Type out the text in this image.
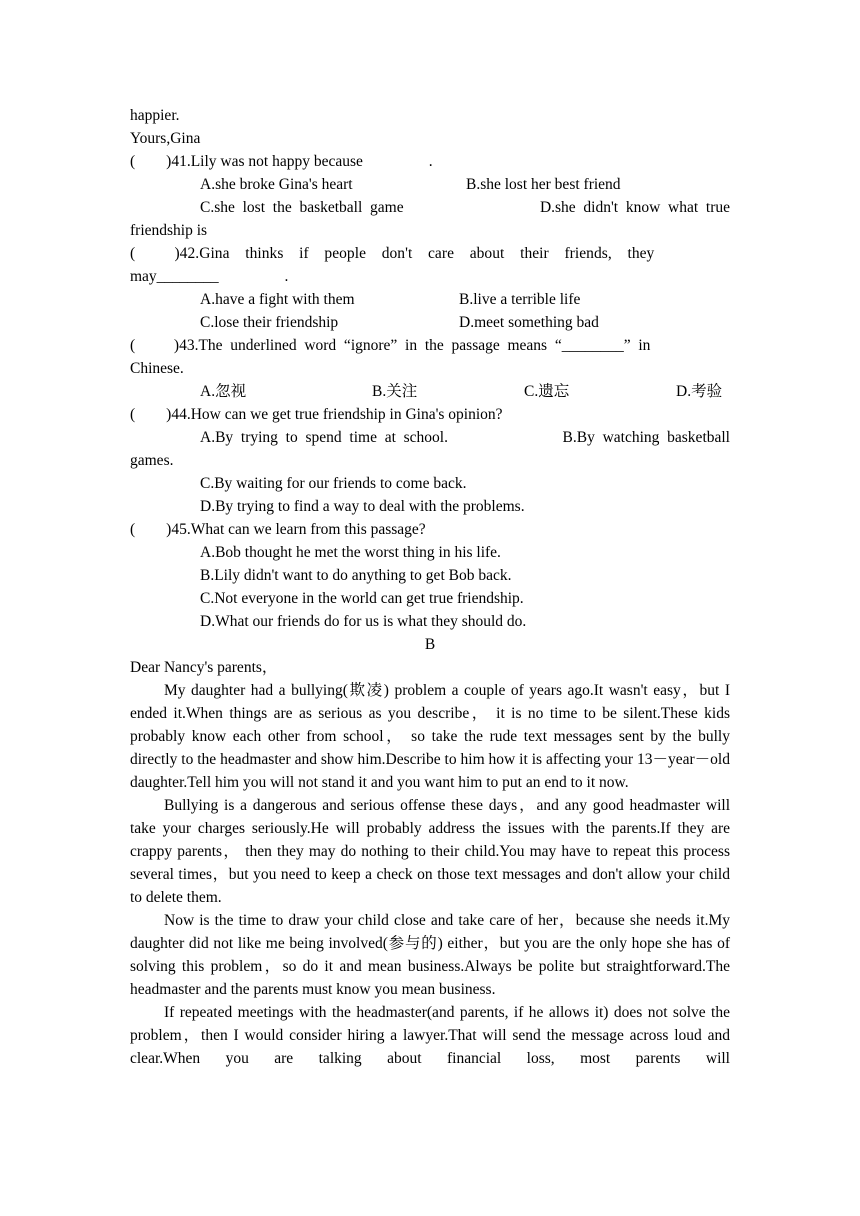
happier.
Yours,Gina
(        )41.Lily was not happy because                 .
A.she broke Gina's heart	B.she lost her best friend
C.she  lost  the  basketball  game	D.she  didn't  know  what  true
friendship is
(          )42.Gina    thinks    if    people    don't    care    about    their    friends,    they
may________                 .
A.have a fight with them	B.live a terrible life
C.lose their friendship	D.meet something bad
(          )43.The  underlined  word  “ignore”  in  the  passage  means  “________”  in
Chinese.
A.忽视	B.关注	C.遗忘	D.考验
(        )44.How can we get true friendship in Gina's opinion?
A.By  trying  to  spend  time  at  school.	B.By  watching  basketball
games.
C.By waiting for our friends to come back.
D.By trying to find a way to deal with the problems.
(        )45.What can we learn from this passage?
A.Bob thought he met the worst thing in his life.
B.Lily didn't want to do anything to get Bob back.
C.Not everyone in the world can get true friendship.
D.What our friends do for us is what they should do.
B
Dear Nancy's parents，
My daughter had a bullying(欺凌) problem a couple of years ago.It wasn't easy，but I ended it.When things are as serious as you describe， it is no time to be silent.These kids probably know each other from school， so take the rude text messages sent by the bully directly to the headmaster and show him.Describe to him how it is affecting your 13－year－old daughter.Tell him you will not stand it and you want him to put an end to it now.
Bullying is a dangerous and serious offense these days，and any good headmaster will take your charges seriously.He will probably address the issues with the parents.If they are crappy parents， then they may do nothing to their child.You may have to repeat this process several times，but you need to keep a check on those text messages and don't allow your child to delete them.
Now is the time to draw your child close and take care of her，because she needs it.My daughter did not like me being involved(参与的) either，but you are the only hope she has of solving this problem，so do it and mean business.Always be polite but straightforward.The headmaster and the parents must know you mean business.
If repeated meetings with the headmaster(and parents, if he allows it) does not solve the problem，then I would consider hiring a lawyer.That will send the message across loud and clear.When you are talking about financial loss, most parents will
